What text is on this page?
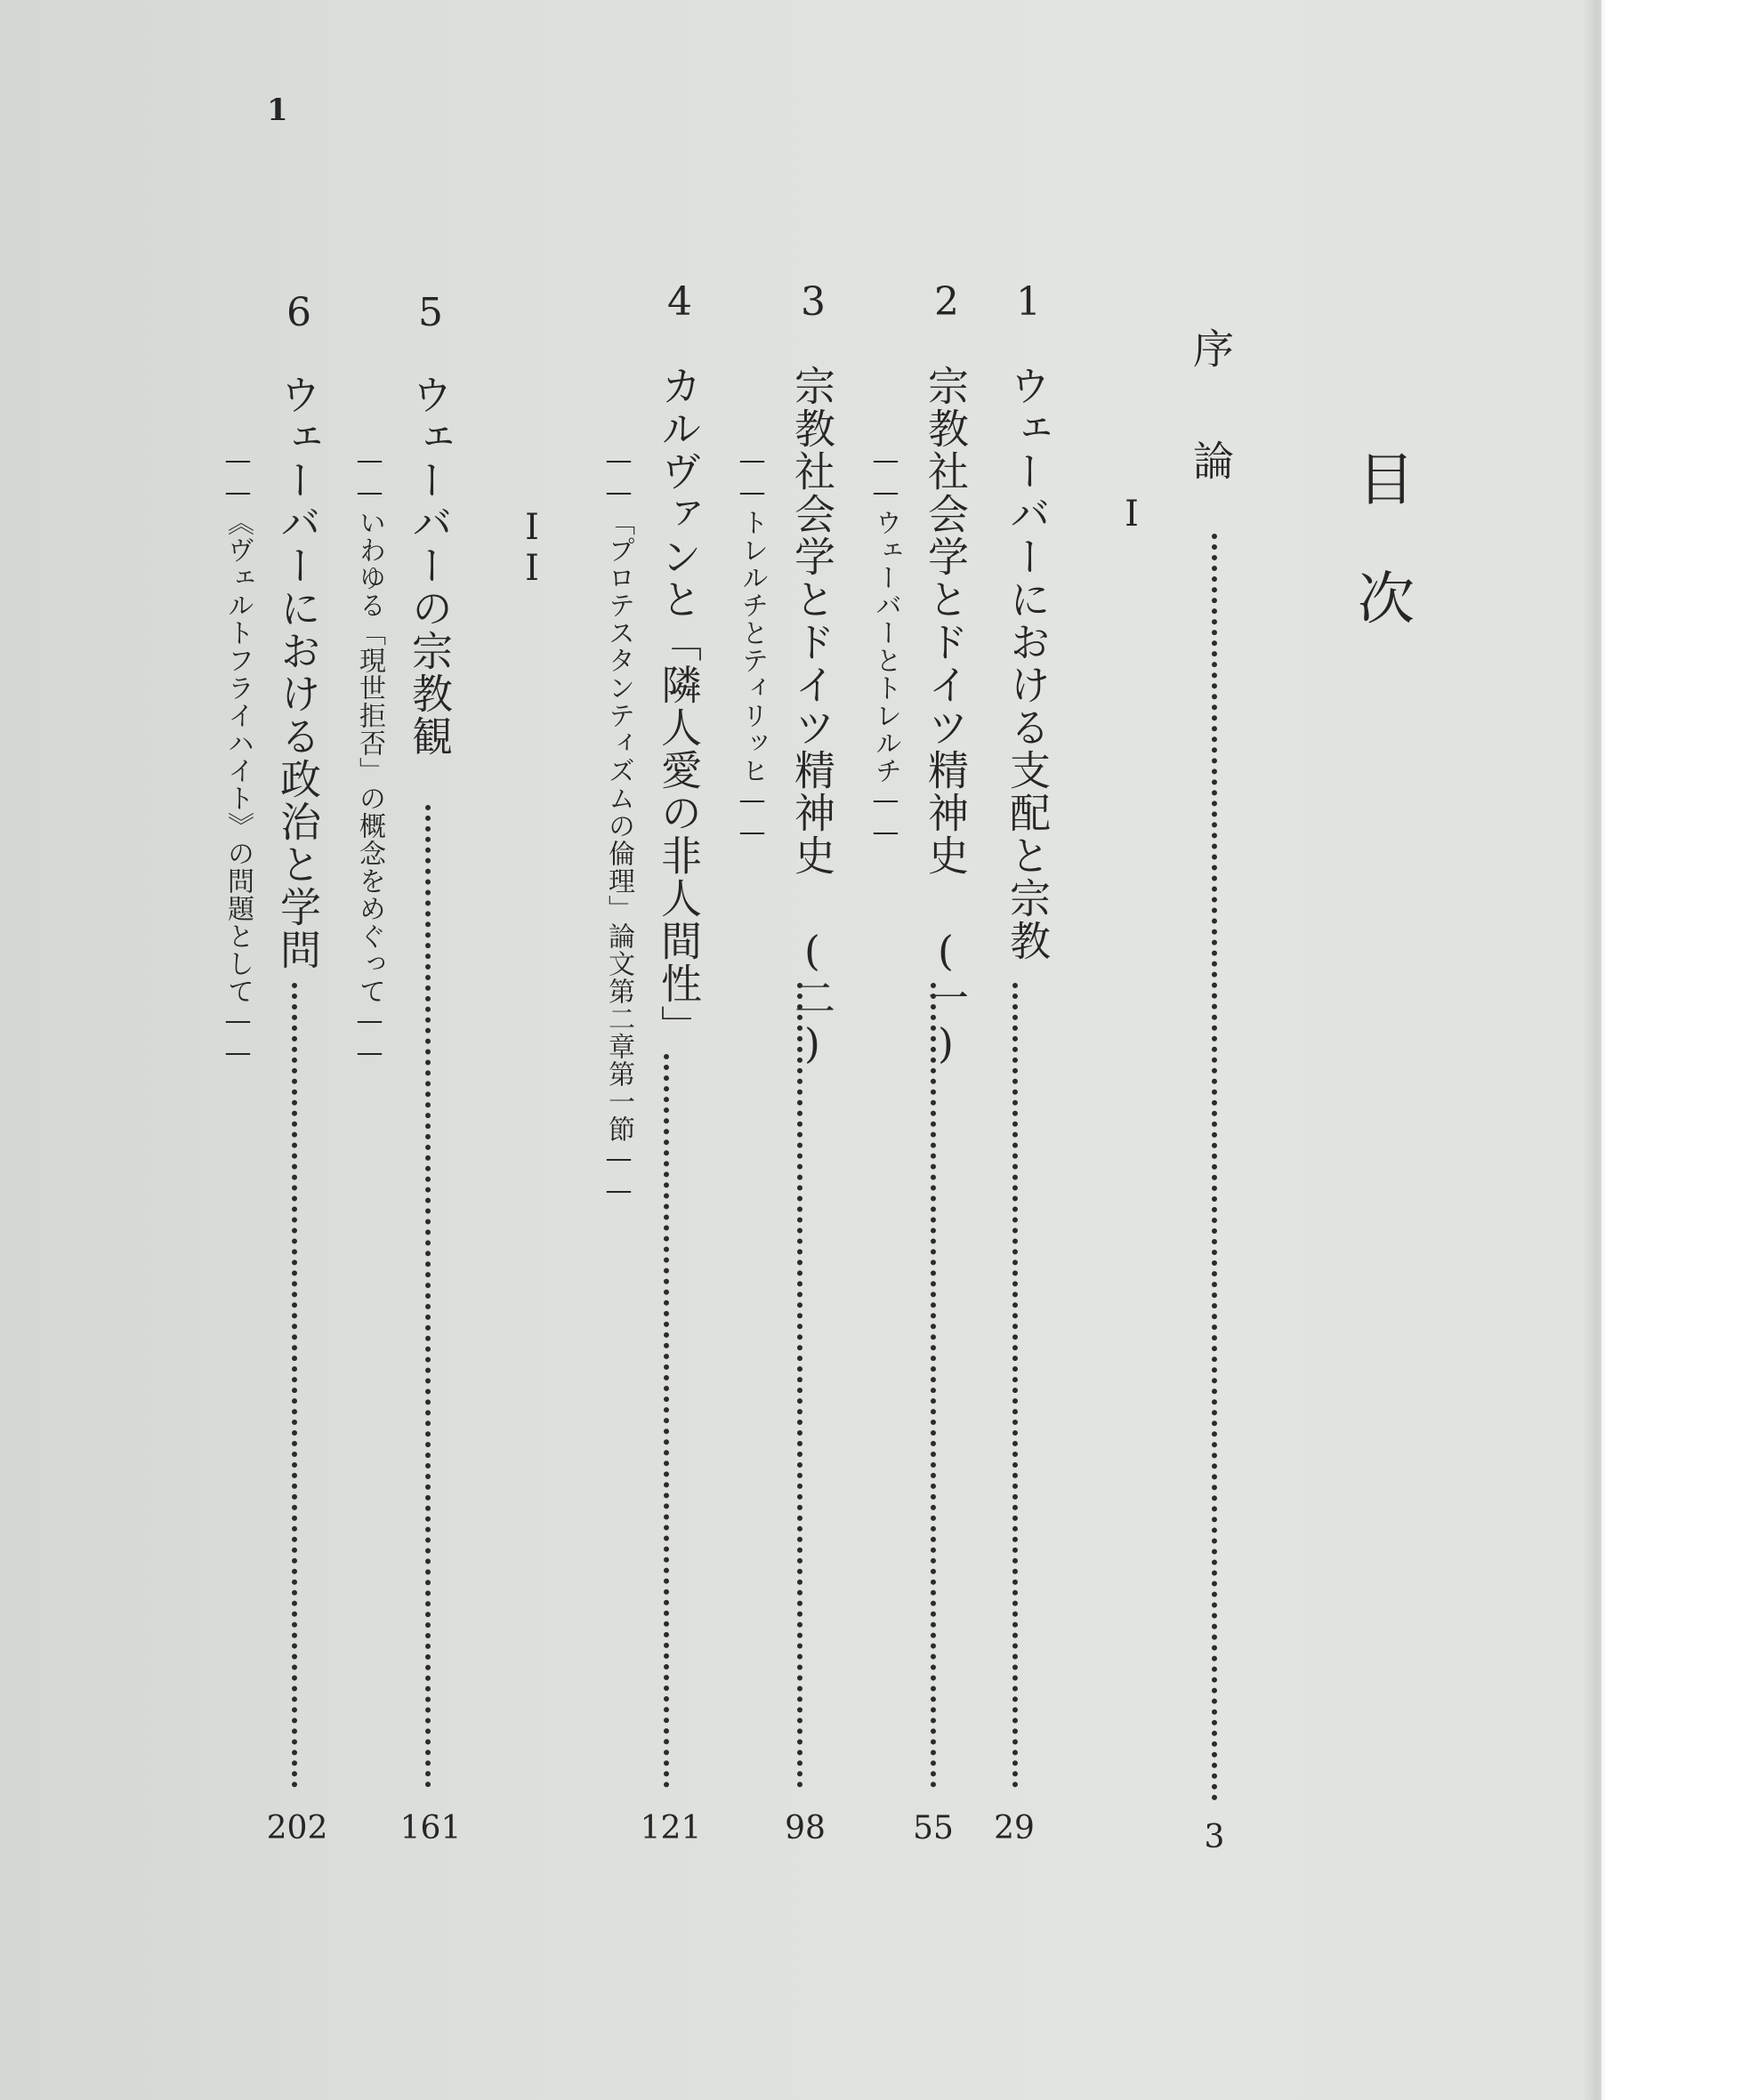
1
目次
I 序論
3
1
ウェーバーにおける支配と宗教
29
2
宗教社会学とドイツ精神史 (一)
——ウェーバーとトレルチ——
55
3
宗教社会学とドイツ精神史 (二)
——トレルチとティリッヒ——
98
4
カルヴァンと「隣人愛の非人間性」
——「プロテスタンティズムの倫理」論文第二章第一節——
121
II
5
ウェーバーの宗教観
——いわゆる「現世拒否」の概念をめぐって——
161
6
ウェーバーにおける政治と学問
——《ヴェルトフライハイト》の問題として——
202
